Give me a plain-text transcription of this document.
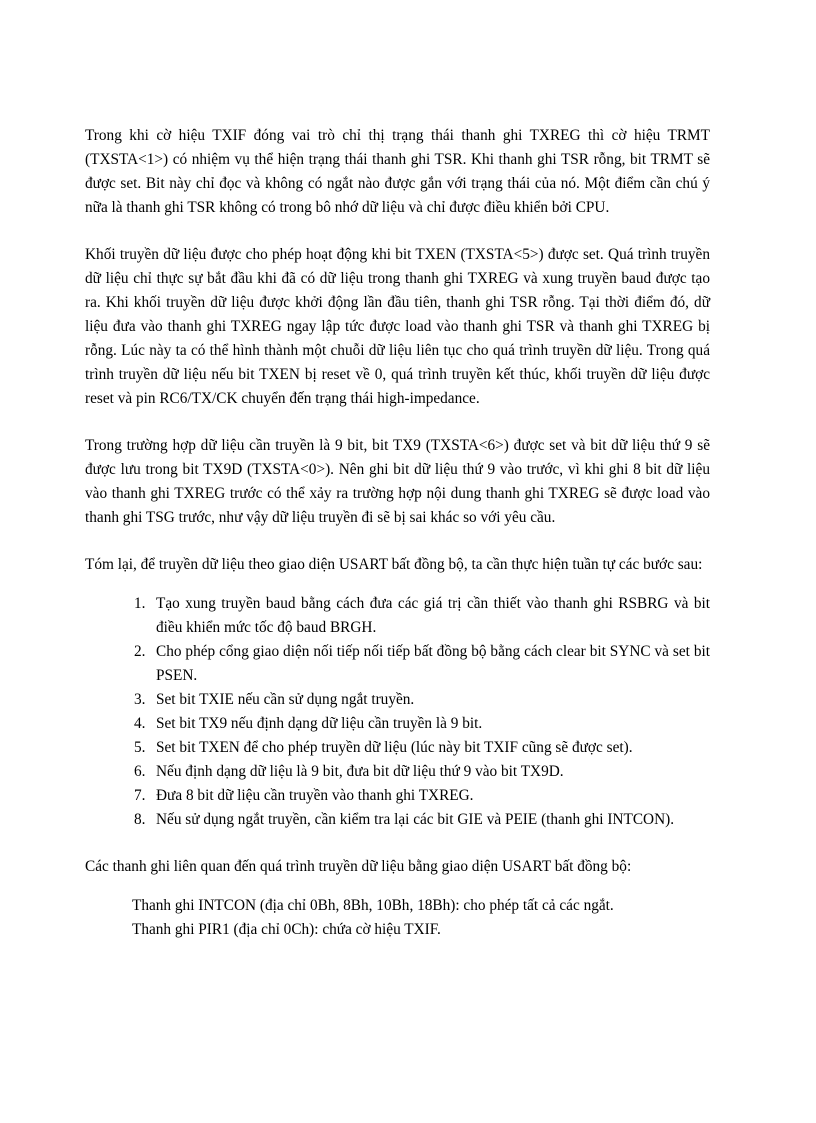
Trong khi cờ hiệu TXIF đóng vai trò chỉ thị trạng thái thanh ghi TXREG thì cờ hiệu TRMT (TXSTA<1>) có nhiệm vụ thể hiện trạng thái thanh ghi TSR. Khi thanh ghi TSR rỗng, bit TRMT sẽ được set. Bit này chỉ đọc và không có ngắt nào được gắn với trạng thái của nó. Một điểm cần chú ý nữa là thanh ghi TSR không có trong bô nhớ dữ liệu và chỉ được điều khiển bởi CPU.

Khối truyền dữ liệu được cho phép hoạt động khi bit TXEN (TXSTA<5>) được set. Quá trình truyền dữ liệu chỉ thực sự bắt đầu khi đã có dữ liệu trong thanh ghi TXREG và xung truyền baud được tạo ra. Khi khối truyền dữ liệu được khởi động lần đầu tiên, thanh ghi TSR rỗng. Tại thời điểm đó, dữ liệu đưa vào thanh ghi TXREG ngay lập tức được load vào thanh ghi TSR và thanh ghi TXREG bị rỗng. Lúc này ta có thể hình thành một chuỗi dữ liệu liên tục cho quá trình truyền dữ liệu. Trong quá trình truyền dữ liệu nếu bit TXEN bị reset về 0, quá trình truyền kết thúc, khối truyền dữ liệu được reset và pin RC6/TX/CK chuyển đến trạng thái high-impedance.

Trong trường hợp dữ liệu cần truyền là 9 bit, bit TX9 (TXSTA<6>) được set và bit dữ liệu thứ 9 sẽ được lưu trong bit TX9D (TXSTA<0>). Nên ghi bit dữ liệu thứ 9 vào trước, vì khi ghi 8 bit dữ liệu vào thanh ghi TXREG trước có thể xảy ra trường hợp nội dung thanh ghi TXREG sẽ được load vào thanh ghi TSG trước, như vậy dữ liệu truyền đi sẽ bị sai khác so với yêu cầu.

Tóm lại, để truyền dữ liệu theo giao diện USART bất đồng bộ, ta cần thực hiện tuần tự các bước sau:

Tạo xung truyền baud bằng cách đưa các giá trị cần thiết vào thanh ghi RSBRG và bit điều khiển mức tốc độ baud BRGH.
Cho phép cổng giao diện nối tiếp nối tiếp bất đồng bộ bằng cách clear bit SYNC và set bit PSEN.
Set bit TXIE nếu cần sử dụng ngắt truyền.
Set bit TX9 nếu định dạng dữ liệu cần truyền là 9 bit.
Set bit TXEN để cho phép truyền dữ liệu (lúc này bit TXIF cũng sẽ được set).
Nếu định dạng dữ liệu là 9 bit, đưa bit dữ liệu thứ 9 vào bit TX9D.
Đưa 8 bit dữ liệu cần truyền vào thanh ghi TXREG.
Nếu sử dụng ngắt truyền, cần kiểm tra lại các bit GIE và PEIE (thanh ghi INTCON).

Các thanh ghi liên quan đến quá trình truyền dữ liệu bằng giao diện USART bất đồng bộ:

Thanh ghi INTCON (địa chỉ 0Bh, 8Bh, 10Bh, 18Bh): cho phép tất cả các ngắt.

Thanh ghi PIR1 (địa chỉ 0Ch): chứa cờ hiệu TXIF.
